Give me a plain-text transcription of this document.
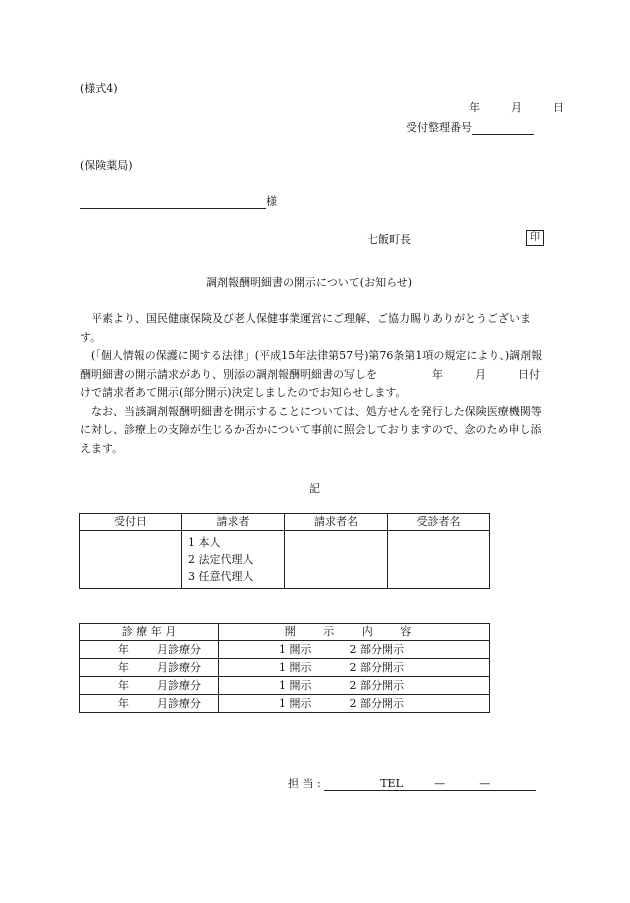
(様式4)
年	月	日
受付整理番号
(保険薬局)
様
七飯町長	印
調剤報酬明細書の開示について(お知らせ)

平素より、国民健康保険及び老人保健事業運営にご理解、ご協力賜りありがとうございます。

(「個人情報の保護に関する法律」(平成15年法律第57号)第76条第1項の規定により、)調剤報酬明細書の開示請求があり、別添の調剤報酬明細書の写しを	年	月	日付けで請求者あて開示(部分開示)決定しましたのでお知らせします。

なお、当該調剤報酬明細書を開示することについては、処方せんを発行した保険医療機関等に対し、診療上の支障が生じるか否かについて事前に照会しておりますので、念のため申し添えます。

記
受付日	請求者	請求者名	受診者名

	1 本人
2 法定代理人
3 任意代理人		

診 療 年 月	開 示 内 容
年 月診療分	1 開示 2 部分開示
年 月診療分	1 開示 2 部分開示
年 月診療分	1 開示 2 部分開示
年 月診療分	1 開示 2 部分開示
担 当 :	TEL	—	—
